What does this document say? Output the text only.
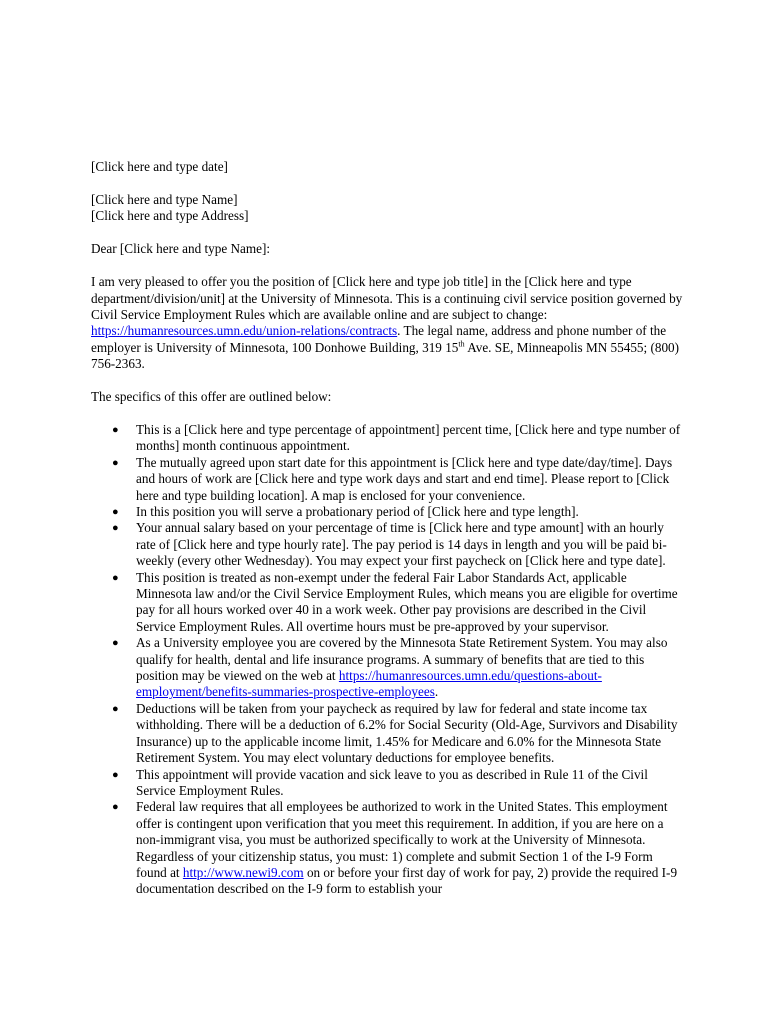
[Click here and type date]

[Click here and type Name]

[Click here and type Address]

Dear [Click here and type Name]:

I am very pleased to offer you the position of [Click here and type job title] in the [Click here and type department/division/unit] at the University of Minnesota. This is a continuing civil service position governed by Civil Service Employment Rules which are available online and are subject to change: https://humanresources.umn.edu/union-relations/contracts. The legal name, address and phone number of the employer is University of Minnesota, 100 Donhowe Building, 319 15th Ave. SE, Minneapolis MN 55455; (800) 756-2363.

The specifics of this offer are outlined below:

● This is a [Click here and type percentage of appointment] percent time, [Click here and type number of months] month continuous appointment.
● The mutually agreed upon start date for this appointment is [Click here and type date/day/time]. Days and hours of work are [Click here and type work days and start and end time]. Please report to [Click here and type building location]. A map is enclosed for your convenience.
● In this position you will serve a probationary period of [Click here and type length].
● Your annual salary based on your percentage of time is [Click here and type amount] with an hourly rate of [Click here and type hourly rate]. The pay period is 14 days in length and you will be paid bi-weekly (every other Wednesday). You may expect your first paycheck on [Click here and type date].
● This position is treated as non-exempt under the federal Fair Labor Standards Act, applicable Minnesota law and/or the Civil Service Employment Rules, which means you are eligible for overtime pay for all hours worked over 40 in a work week. Other pay provisions are described in the Civil Service Employment Rules. All overtime hours must be pre-approved by your supervisor.
● As a University employee you are covered by the Minnesota State Retirement System. You may also qualify for health, dental and life insurance programs. A summary of benefits that are tied to this position may be viewed on the web at https://humanresources.umn.edu/questions-about-employment/benefits-summaries-prospective-employees.
● Deductions will be taken from your paycheck as required by law for federal and state income tax withholding. There will be a deduction of 6.2% for Social Security (Old-Age, Survivors and Disability Insurance) up to the applicable income limit, 1.45% for Medicare and 6.0% for the Minnesota State Retirement System. You may elect voluntary deductions for employee benefits.
● This appointment will provide vacation and sick leave to you as described in Rule 11 of the Civil Service Employment Rules.
● Federal law requires that all employees be authorized to work in the United States. This employment offer is contingent upon verification that you meet this requirement. In addition, if you are here on a non-immigrant visa, you must be authorized specifically to work at the University of Minnesota. Regardless of your citizenship status, you must: 1) complete and submit Section 1 of the I-9 Form found at http://www.newi9.com on or before your first day of work for pay, 2) provide the required I-9 documentation described on the I-9 form to establish your
